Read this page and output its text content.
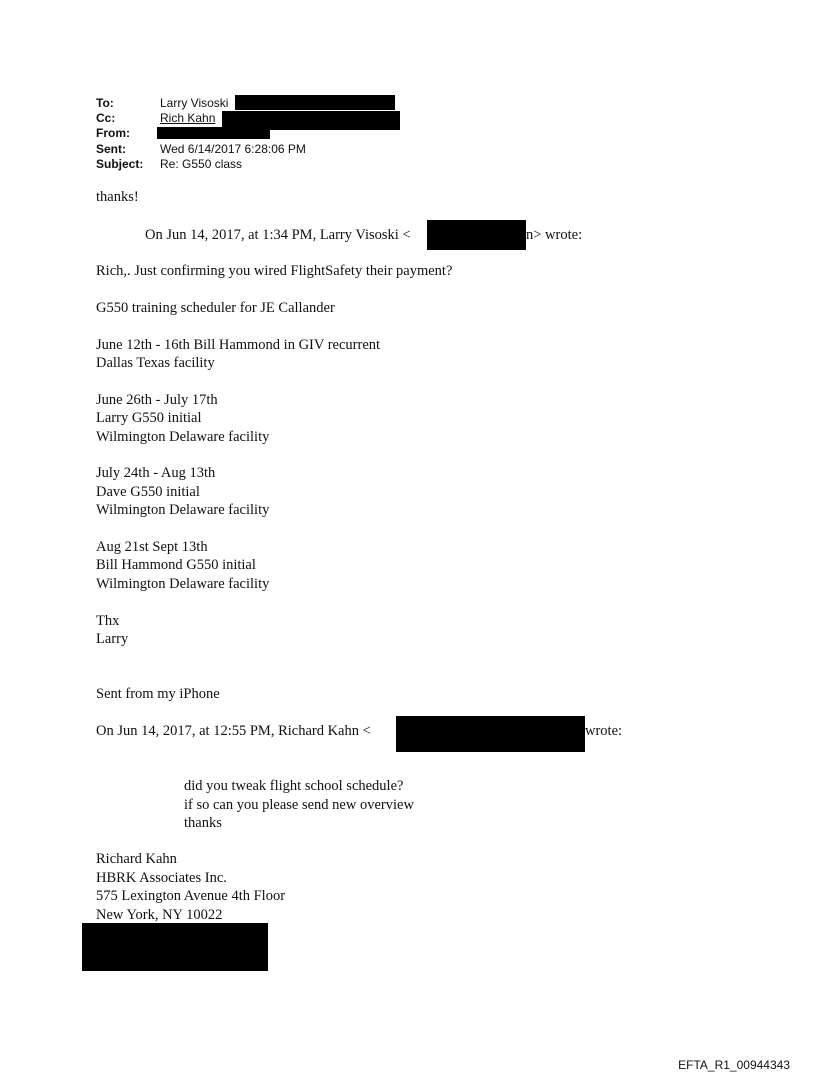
To:	Larry Visoski
Cc:	Rich Kahn
From:
Sent:	Wed 6/14/2017 6:28:06 PM
Subject:	Re: G550 class
thanks!
On Jun 14, 2017, at 1:34 PM, Larry Visoski <	n> wrote:
Rich,. Just confirming you wired FlightSafety their payment?
G550 training scheduler for JE Callander
June 12th - 16th Bill Hammond in GIV recurrent
Dallas Texas facility
June 26th - July 17th
Larry G550 initial
Wilmington Delaware facility
July 24th - Aug 13th
Dave G550 initial
Wilmington Delaware facility
Aug 21st Sept 13th
Bill Hammond G550 initial
Wilmington Delaware facility
Thx
Larry
Sent from my iPhone
On Jun 14, 2017, at 12:55 PM, Richard Kahn <	wrote:
did you tweak flight school schedule?
if so can you please send new overview
thanks
Richard Kahn
HBRK Associates Inc.
575 Lexington Avenue 4th Floor
New York, NY 10022
EFTA_R1_00944343
